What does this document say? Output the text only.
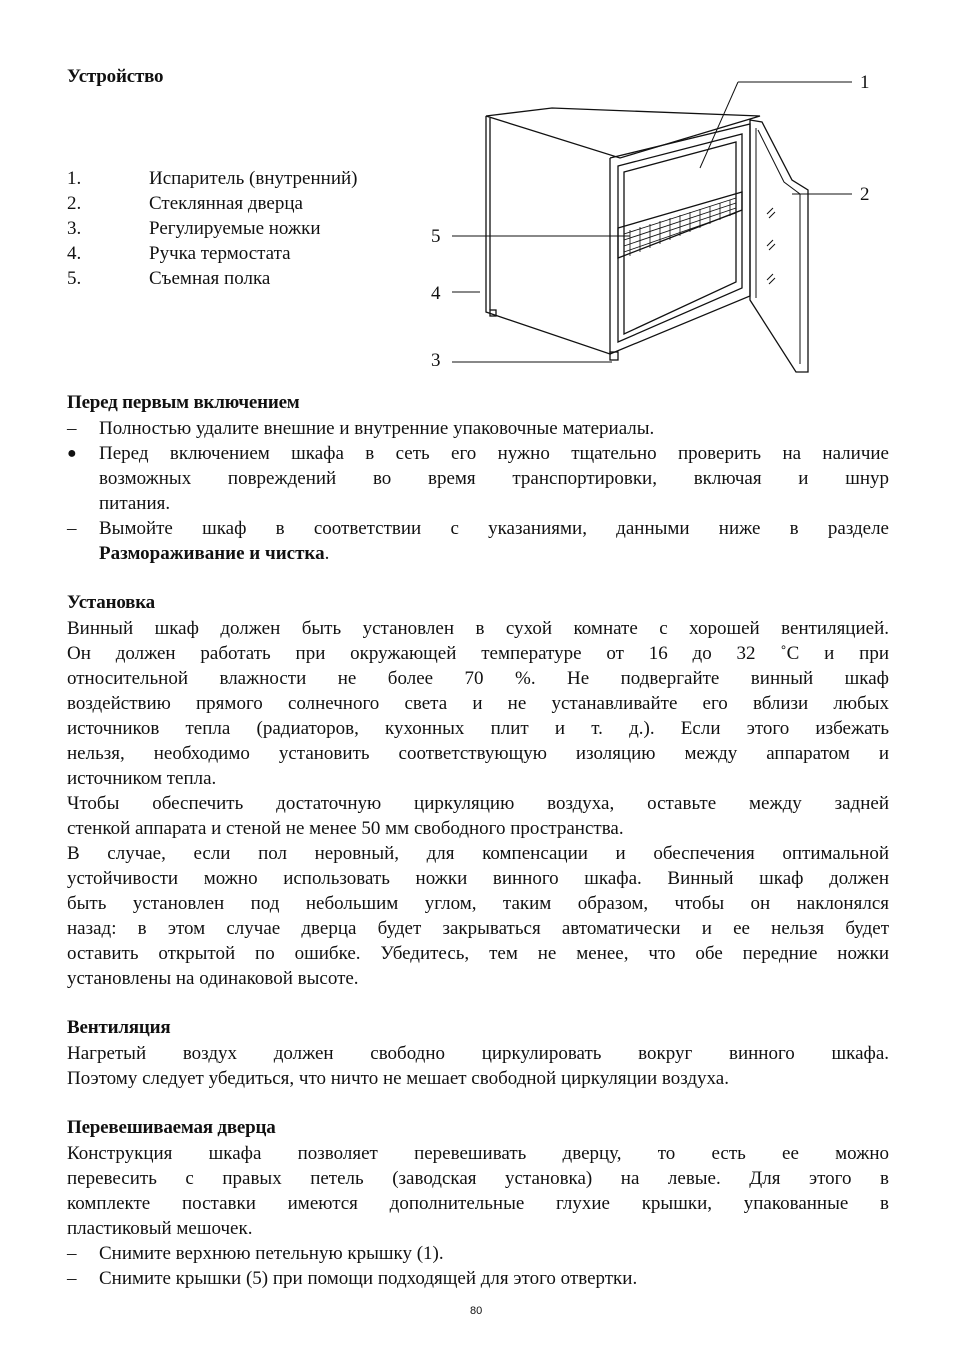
Устройство
1.	Испаритель (внутренний)
2.	Стеклянная дверца
3.	Регулируемые ножки
4.	Ручка термостата
5.	Съемная полка
1
2
3
4
5
Перед первым включением
– Полностью удалите внешние и внутренние упаковочные материалы.
● Перед включением шкафа в сеть его нужно тщательно проверить на наличие
возможных повреждений во время транспортировки, включая и шнур
питания.
– Вымойте шкаф в соответствии с указаниями, данными ниже в разделе
Размораживание и чистка.
Установка
Винный шкаф должен быть установлен в сухой комнате с хорошей вентиляцией.
Он должен работать при окружающей температуре от 16 до 32 ˚С и при
относительной влажности не более 70 %. Не подвергайте винный шкаф
воздействию прямого солнечного света и не устанавливайте его вблизи любых
источников тепла (радиаторов, кухонных плит и т. д.). Если этого избежать
нельзя, необходимо установить соответствующую изоляцию между аппаратом и
источником тепла.
Чтобы обеспечить достаточную циркуляцию воздуха, оставьте между задней
стенкой аппарата и стеной не менее 50 мм свободного пространства.
В случае, если пол неровный, для компенсации и обеспечения оптимальной
устойчивости можно использовать ножки винного шкафа. Винный шкаф должен
быть установлен под небольшим углом, таким образом, чтобы он наклонялся
назад: в этом случае дверца будет закрываться автоматически и ее нельзя будет
оставить открытой по ошибке. Убедитесь, тем не менее, что обе передние ножки
установлены на одинаковой высоте.
Вентиляция
Нагретый воздух должен свободно циркулировать вокруг винного шкафа.
Поэтому следует убедиться, что ничто не мешает свободной циркуляции воздуха.
Перевешиваемая дверца
Конструкция шкафа позволяет перевешивать дверцу, то есть ее можно
перевесить с правых петель (заводская установка) на левые. Для этого в
комплекте поставки имеются дополнительные глухие крышки, упакованные в
пластиковый мешочек.
– Снимите верхнюю петельную крышку (1).
– Снимите крышки (5) при помощи подходящей для этого отвертки.
80
